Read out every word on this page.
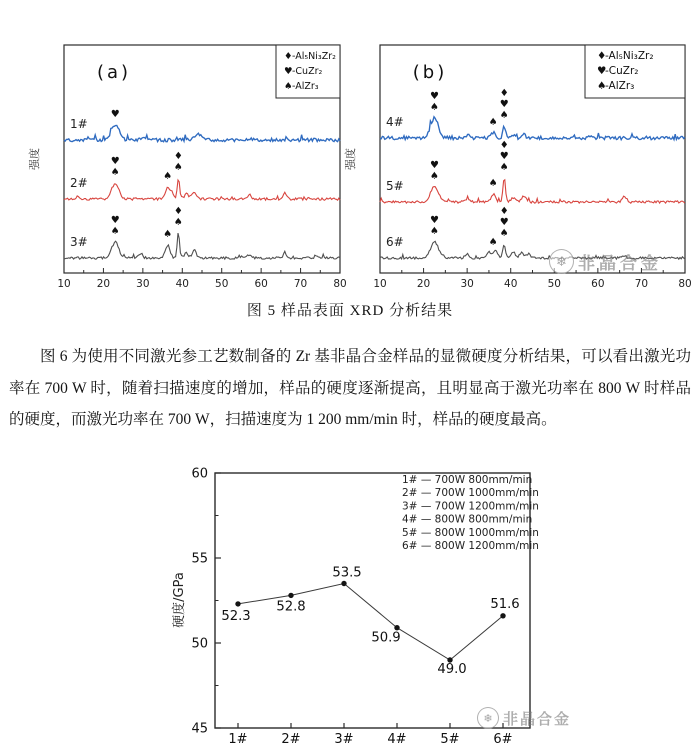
10 20 30 40 50 60 70 80
强度
(a)
♦ -Al₅Ni₃Zr₂
♥ -CuZr₂
♠ -AlZr₃
1#
♥
2#
♥
♠	♠
♦
♠
3#
♥
♠	♠
♦
♠
10	20	30	40	50	60	70	80
强度
(b)
♦
-Al₅Ni₃Zr₂
♥
-CuZr₂
♠
-AlZr₃
4#
♥
♠
♠
♦
♥
♠
5#
♥
♠
♠
♦
♥
♠
6#
♥
♠
♠
♦
♥
♠
45
50
55
60
硬度/GPa
1#	2#	3#	4#	5#	6#
52.3
52.8
53.5
50.9
49.0
51.6
1# — 700W 800mm/min
2# — 700W 1000mm/min
3# — 700W 1200mm/min
4# — 800W 800mm/min
5# — 800W 1000mm/min
6# — 800W 1200mm/min
❄ 非晶合金
图 5 样品表面 XRD 分析结果

图 6 为使用不同激光参工艺数制备的 Zr 基非晶合金样品的显微硬度分析结果，可以看出激光功率在 700 W 时，随着扫描速度的增加，样品的硬度逐渐提高，且明显高于激光功率在 800 W 时样品的硬度，而激光功率在 700 W，扫描速度为 1 200 mm/min 时，样品的硬度最高。

❄ 非晶合金
